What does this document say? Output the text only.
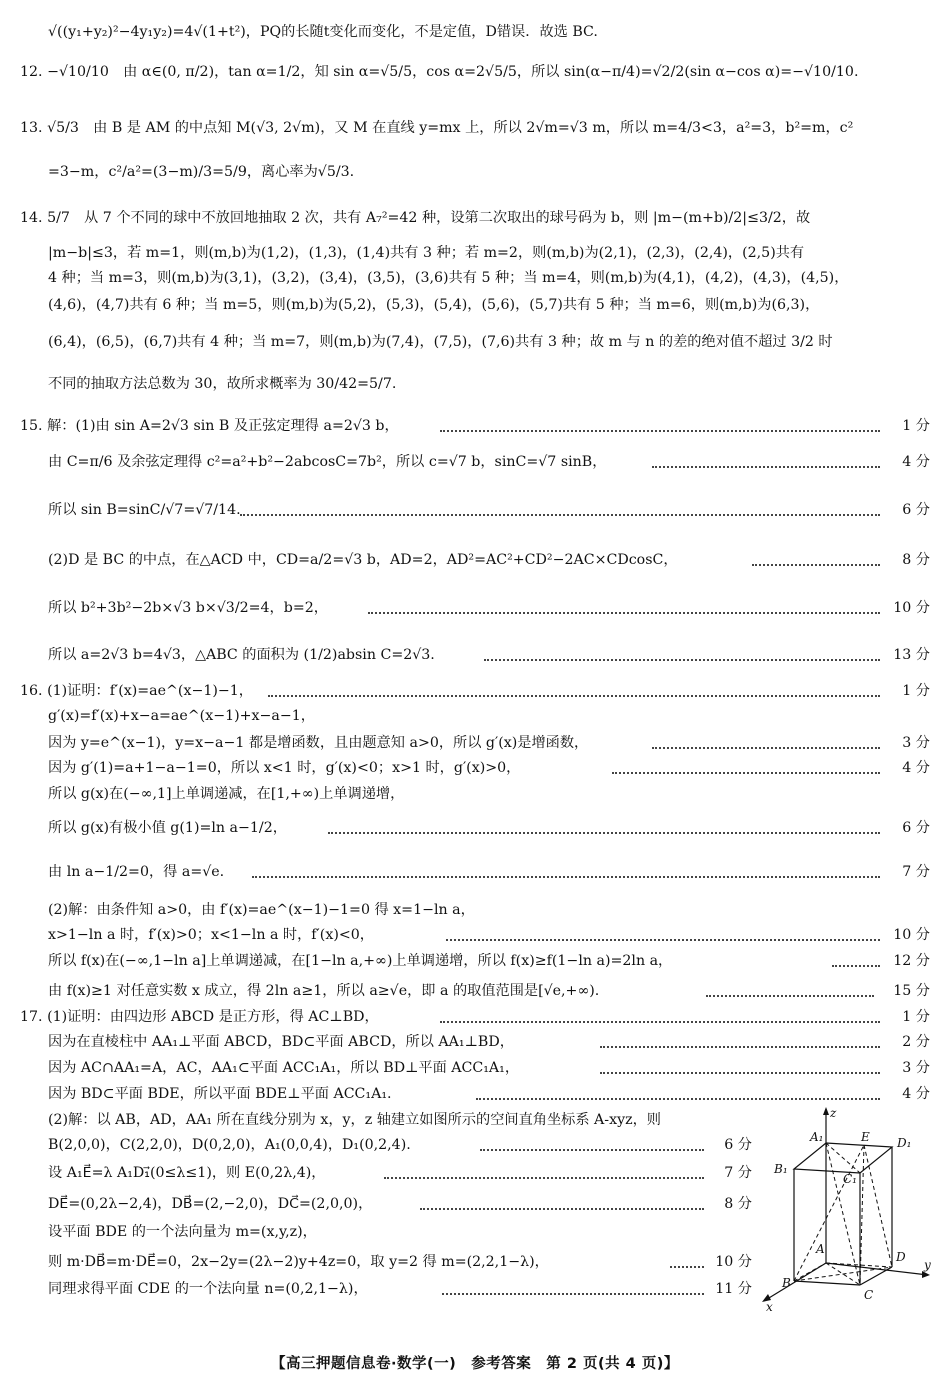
√((y₁+y₂)²−4y₁y₂)=4√(1+t²)，PQ的长随t变化而变化，不是定值，D错误．故选 BC.
12. −√10/10　由 α∈(0, π/2)，tan α=1/2，知 sin α=√5/5，cos α=2√5/5，所以 sin(α−π/4)=√2/2(sin α−cos α)=−√10/10.
13. √5/3　由 B 是 AM 的中点知 M(√3, 2√m)，又 M 在直线 y=mx 上，所以 2√m=√3 m，所以 m=4/3<3，a²=3，b²=m，c²
=3−m，c²/a²=(3−m)/3=5/9，离心率为√5/3.
14. 5/7　从 7 个不同的球中不放回地抽取 2 次，共有 A₇²=42 种，设第二次取出的球号码为 b，则 |m−(m+b)/2|≤3/2，故
|m−b|≤3，若 m=1，则(m,b)为(1,2)，(1,3)，(1,4)共有 3 种；若 m=2，则(m,b)为(2,1)，(2,3)，(2,4)，(2,5)共有
4 种；当 m=3，则(m,b)为(3,1)，(3,2)，(3,4)，(3,5)，(3,6)共有 5 种；当 m=4，则(m,b)为(4,1)，(4,2)，(4,3)，(4,5)，
(4,6)，(4,7)共有 6 种；当 m=5，则(m,b)为(5,2)，(5,3)，(5,4)，(5,6)，(5,7)共有 5 种；当 m=6，则(m,b)为(6,3)，
(6,4)，(6,5)，(6,7)共有 4 种；当 m=7，则(m,b)为(7,4)，(7,5)，(7,6)共有 3 种；故 m 与 n 的差的绝对值不超过 3/2 时
不同的抽取方法总数为 30，故所求概率为 30/42=5/7.
15. 解：(1)由 sin A=2√3 sin B 及正弦定理得 a=2√3 b，	1 分
由 C=π/6 及余弦定理得 c²=a²+b²−2abcosC=7b²，所以 c=√7 b，sinC=√7 sinB，	4 分
所以 sin B=sinC/√7=√7/14.	6 分
(2)D 是 BC 的中点，在△ACD 中，CD=a/2=√3 b，AD=2，AD²=AC²+CD²−2AC×CDcosC，	8 分
所以 b²+3b²−2b×√3 b×√3/2=4，b=2，	10 分
所以 a=2√3 b=4√3，△ABC 的面积为 (1/2)absin C=2√3.	13 分
16. (1)证明：f′(x)=ae^(x−1)−1，	1 分
g′(x)=f′(x)+x−a=ae^(x−1)+x−a−1，
因为 y=e^(x−1)，y=x−a−1 都是增函数，且由题意知 a>0，所以 g′(x)是增函数，	3 分
因为 g′(1)=a+1−a−1=0，所以 x<1 时，g′(x)<0；x>1 时，g′(x)>0，	4 分
所以 g(x)在(−∞,1]上单调递减，在[1,+∞)上单调递增，
所以 g(x)有极小值 g(1)=ln a−1/2，	6 分
由 ln a−1/2=0，得 a=√e.	7 分
(2)解：由条件知 a>0，由 f′(x)=ae^(x−1)−1=0 得 x=1−ln a，
x>1−ln a 时，f′(x)>0；x<1−ln a 时，f′(x)<0，	10 分
所以 f(x)在(−∞,1−ln a]上单调递减，在[1−ln a,+∞)上单调递增，所以 f(x)≥f(1−ln a)=2ln a，	12 分
由 f(x)≥1 对任意实数 x 成立，得 2ln a≥1，所以 a≥√e，即 a 的取值范围是[√e,+∞).	15 分
17. (1)证明：由四边形 ABCD 是正方形，得 AC⊥BD，	1 分
因为在直棱柱中 AA₁⊥平面 ABCD，BD⊂平面 ABCD，所以 AA₁⊥BD，	2 分
因为 AC∩AA₁=A，AC，AA₁⊂平面 ACC₁A₁，所以 BD⊥平面 ACC₁A₁，	3 分
因为 BD⊂平面 BDE，所以平面 BDE⊥平面 ACC₁A₁.	4 分
(2)解：以 AB，AD，AA₁ 所在直线分别为 x，y，z 轴建立如图所示的空间直角坐标系 A-xyz，则
B(2,0,0)，C(2,2,0)，D(0,2,0)，A₁(0,0,4)，D₁(0,2,4).	6 分
设 A₁E⃗=λ A₁D₁⃗(0≤λ≤1)，则 E(0,2λ,4)，	7 分
DE⃗=(0,2λ−2,4)，DB⃗=(2,−2,0)，DC⃗=(2,0,0)，	8 分
设平面 BDE 的一个法向量为 m=(x,y,z)，
则 m·DB⃗=m·DE⃗=0，2x−2y=(2λ−2)y+4z=0，取 y=2 得 m=(2,2,1−λ)，	10 分
同理求得平面 CDE 的一个法向量 n=(0,2,1−λ)，	11 分
z
y
x
A₁	E D₁
B₁
C₁
A
D
B
C
【高三押题信息卷·数学(一)　参考答案　第 2 页(共 4 页)】
